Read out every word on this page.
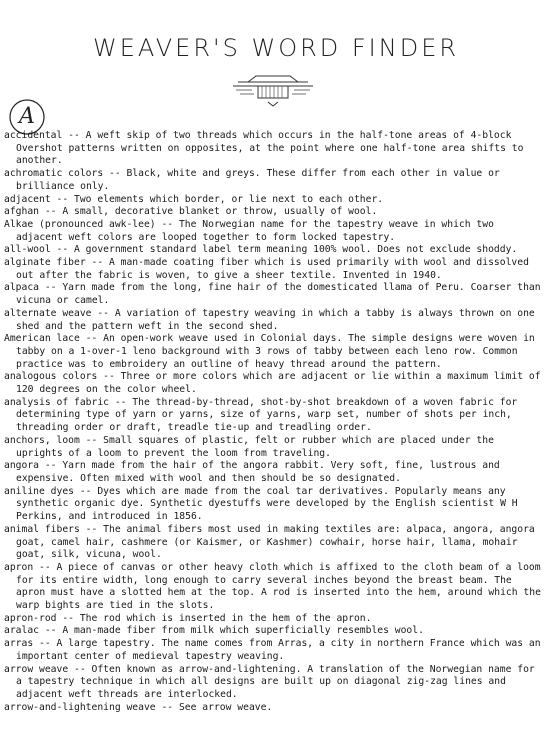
WEAVER'S WORD FINDER
A
accidental -- A weft skip of two threads which occurs in the half-tone areas of 4-block Overshot patterns written on opposites, at the point where one half-tone area shifts to another.
achromatic colors -- Black, white and greys. These differ from each other in value or brilliance only.
adjacent -- Two elements which border, or lie next to each other.
afghan -- A small, decorative blanket or throw, usually of wool.
Alkae (pronounced awk-lee) -- The Norwegian name for the tapestry weave in which two adjacent weft colors are looped together to form locked tapestry.
all-wool -- A government standard label term meaning 100% wool. Does not exclude shoddy.
alginate fiber -- A man-made coating fiber which is used primarily with wool and dissolved out after the fabric is woven, to give a sheer textile. Invented in 1940.
alpaca -- Yarn made from the long, fine hair of the domesticated llama of Peru. Coarser than vicuna or camel.
alternate weave -- A variation of tapestry weaving in which a tabby is always thrown on one shed and the pattern weft in the second shed.
American lace -- An open-work weave used in Colonial days. The simple designs were woven in tabby on a 1-over-1 leno background with 3 rows of tabby between each leno row. Common practice was to embroidery an outline of heavy thread around the pattern.
analogous colors -- Three or more colors which are adjacent or lie within a maximum limit of 120 degrees on the color wheel.
analysis of fabric -- The thread-by-thread, shot-by-shot breakdown of a woven fabric for determining type of yarn or yarns, size of yarns, warp set, number of shots per inch, threading order or draft, treadle tie-up and treadling order.
anchors, loom -- Small squares of plastic, felt or rubber which are placed under the uprights of a loom to prevent the loom from traveling.
angora -- Yarn made from the hair of the angora rabbit. Very soft, fine, lustrous and expensive. Often mixed with wool and then should be so designated.
aniline dyes -- Dyes which are made from the coal tar derivatives. Popularly means any synthetic organic dye. Synthetic dyestuffs were developed by the English scientist W H Perkins, and introduced in 1856.
animal fibers -- The animal fibers most used in making textiles are: alpaca, angora, angora goat, camel hair, cashmere (or Kaismer, or Kashmer) cowhair, horse hair, llama, mohair goat, silk, vicuna, wool.
apron -- A piece of canvas or other heavy cloth which is affixed to the cloth beam of a loom for its entire width, long enough to carry several inches beyond the breast beam. The apron must have a slotted hem at the top. A rod is inserted into the hem, around which the warp bights are tied in the slots.
apron-rod -- The rod which is inserted in the hem of the apron.
aralac -- A man-made fiber from milk which superficially resembles wool.
arras -- A large tapestry. The name comes from Arras, a city in northern France which was an important center of medieval tapestry weaving.
arrow weave -- Often known as arrow-and-lightening. A translation of the Norwegian name for a tapestry technique in which all designs are built up on diagonal zig-zag lines and adjacent weft threads are interlocked.
arrow-and-lightening weave -- See arrow weave.
